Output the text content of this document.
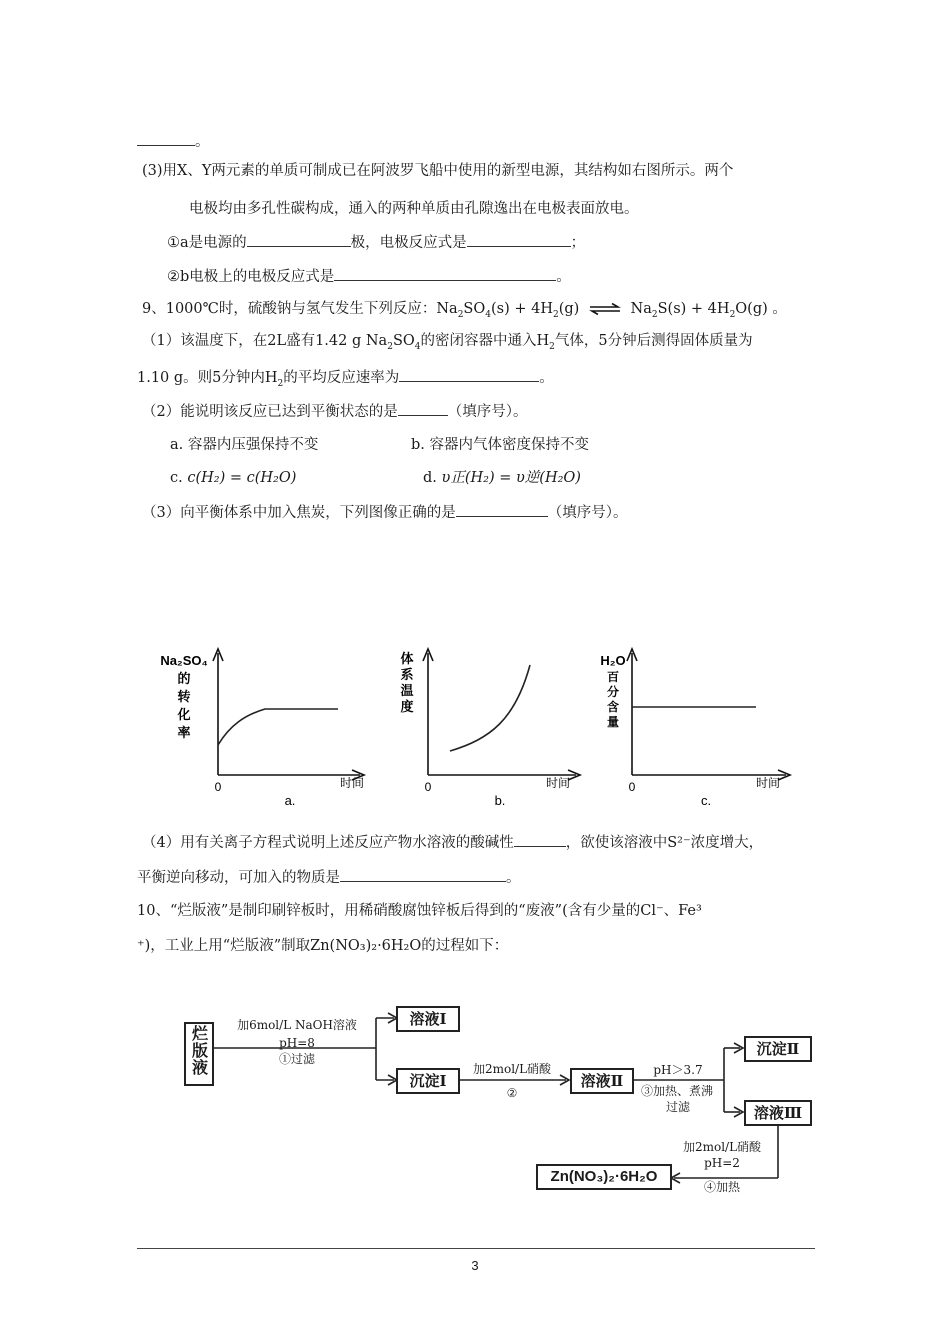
。
(3)用X、Y两元素的单质可制成已在阿波罗飞船中使用的新型电源，其结构如右图所示。两个
电极均由多孔性碳构成，通入的两种单质由孔隙逸出在电极表面放电。
①a是电源的	极，电极反应式是	；
②b电极上的电极反应式是	。
9、1000℃时，硫酸钠与氢气发生下列反应：$Na_2SO_4(s) + 4H_2(g)$ ⇌ $Na_2S(s) + 4H_2O(g)$ 。
（1）该温度下，在2L盛有1.42 g $Na_2SO_4$的密闭容器中通入$H_2$气体，5分钟后测得固体质量为
1.10 g。则5分钟内$H_2$的平均反应速率为	。
（2）能说明该反应已达到平衡状态的是	（填序号）。
a. 容器内压强保持不变	b. 容器内气体密度保持不变
c. c(H₂) = c(H₂O)	d. υ正(H₂) = υ逆(H₂O)
（3）向平衡体系中加入焦炭，下列图像正确的是	（填序号）。
Na₂SO₄
的
转
化
率
0	时间
a.
体
系
温
度
0	时间
b.
H₂O
百
分
含
量
0	时间
c.
（4）用有关离子方程式说明上述反应产物水溶液的酸碱性	，欲使该溶液中S²⁻浓度增大，
平衡逆向移动，可加入的物质是	。
10、“烂版液”是制印刷锌板时，用稀硝酸腐蚀锌板后得到的“废液”(含有少量的Cl⁻、Fe³
⁺)，工业上用“烂版液”制取Zn(NO₃)₂·6H₂O的过程如下：
烂版液	加6mol/L NaOH溶液
pH=8
①过滤
溶液Ⅰ
沉淀Ⅰ
加2mol/L硝酸
②
溶液Ⅱ
pH＞3.7
③加热、煮沸
过滤
沉淀Ⅱ
溶液Ⅲ
加2mol/L硝酸
pH=2
④加热
Zn(NO₃)₂·6H₂O
3
